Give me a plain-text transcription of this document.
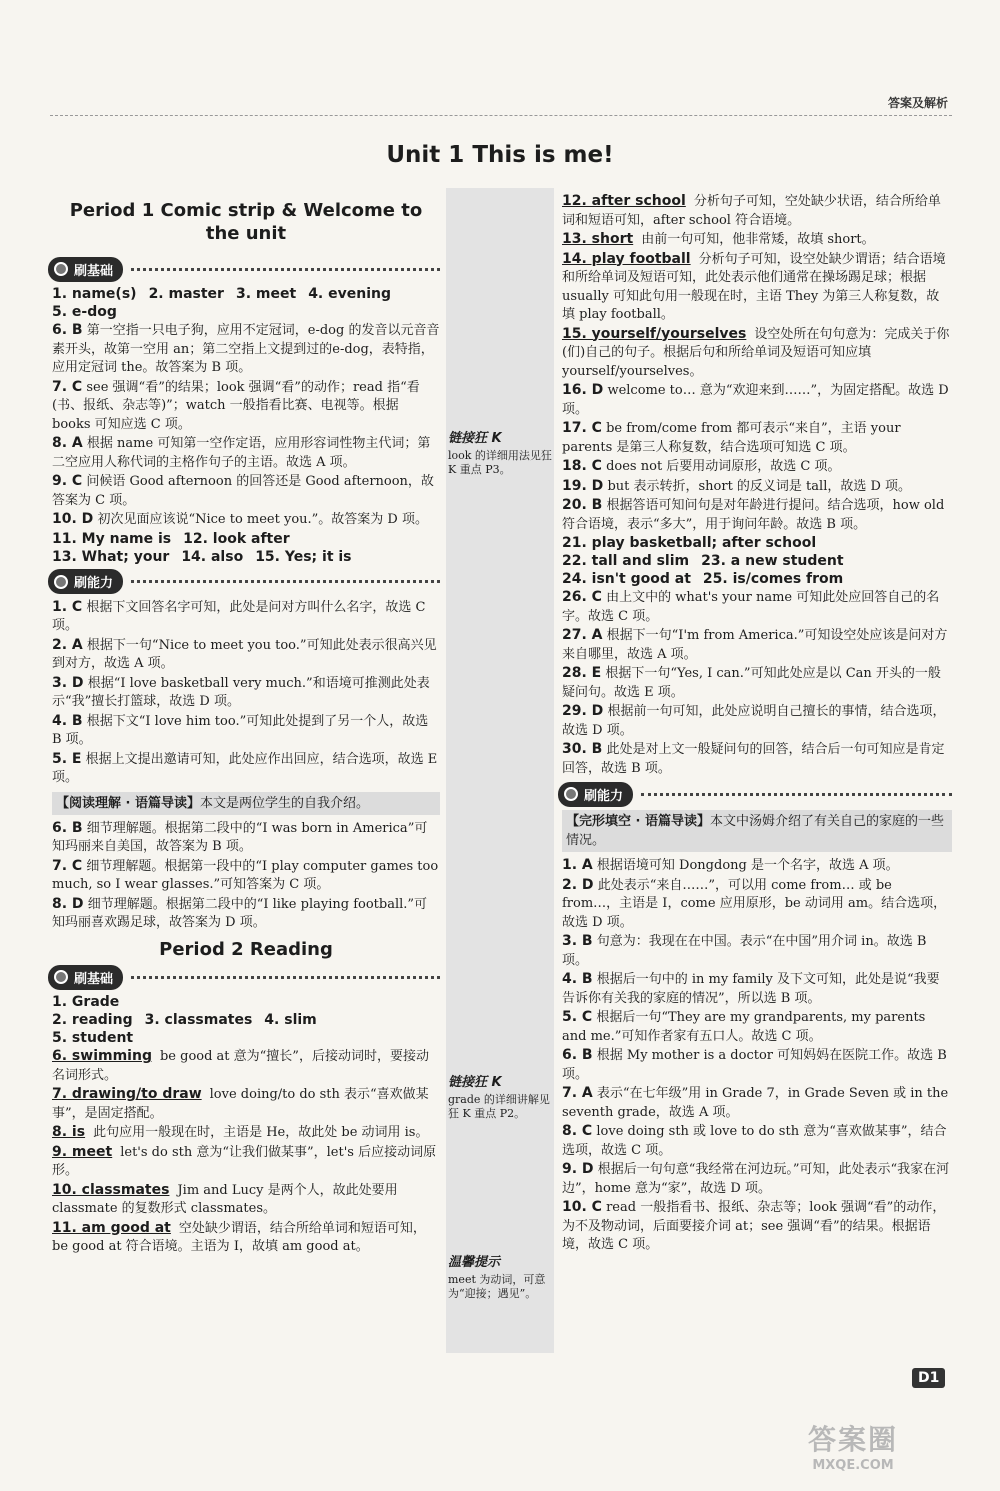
答案及解析
Unit 1 This is me!
链接狂 K
look 的详细用法见狂 K 重点 P3。
链接狂 K
grade 的详细讲解见狂 K 重点 P2。
温馨提示
meet 为动词，可意为“迎接；遇见”。
Period 1 Comic strip & Welcome to the unit
刷基础

1. name(s) 2. master 3. meet 4. evening

5. e-dog

6. B 第一空指一只电子狗，应用不定冠词，e-dog 的发音以元音音素开头，故第一空用 an；第二空指上文提到过的e-dog，表特指，应用定冠词 the。故答案为 B 项。

7. C see 强调“看”的结果；look 强调“看”的动作；read 指“看(书、报纸、杂志等)”；watch 一般指看比赛、电视等。根据 books 可知应选 C 项。

8. A 根据 name 可知第一空作定语，应用形容词性物主代词；第二空应用人称代词的主格作句子的主语。故选 A 项。

9. C 问候语 Good afternoon 的回答还是 Good afternoon，故答案为 C 项。

10. D 初次见面应该说“Nice to meet you.”。故答案为 D 项。

11. My name is 12. look after

13. What; your 14. also 15. Yes; it is

刷能力

1. C 根据下文回答名字可知，此处是问对方叫什么名字，故选 C 项。

2. A 根据下一句“Nice to meet you too.”可知此处表示很高兴见到对方，故选 A 项。

3. D 根据“I love basketball very much.”和语境可推测此处表示“我”擅长打篮球，故选 D 项。

4. B 根据下文“I love him too.”可知此处提到了另一个人，故选 B 项。

5. E 根据上文提出邀请可知，此处应作出回应，结合选项，故选 E 项。

【阅读理解 · 语篇导读】本文是两位学生的自我介绍。

6. B 细节理解题。根据第二段中的“I was born in America”可知玛丽来自美国，故答案为 B 项。

7. C 细节理解题。根据第一段中的“I play computer games too much, so I wear glasses.”可知答案为 C 项。

8. D 细节理解题。根据第二段中的“I like playing football.”可知玛丽喜欢踢足球，故答案为 D 项。

Period 2 Reading
刷基础

1. Grade

2. reading 3. classmates 4. slim

5. student

6. swimming be good at 意为“擅长”，后接动词时，要接动名词形式。

7. drawing/to draw love doing/to do sth 表示“喜欢做某事”，是固定搭配。

8. is 此句应用一般现在时，主语是 He，故此处 be 动词用 is。

9. meet let's do sth 意为“让我们做某事”，let's 后应接动词原形。

10. classmates Jim and Lucy 是两个人，故此处要用 classmate 的复数形式 classmates。

11. am good at 空处缺少谓语，结合所给单词和短语可知，be good at 符合语境。主语为 I，故填 am good at。

12. after school 分析句子可知，空处缺少状语，结合所给单词和短语可知，after school 符合语境。

13. short 由前一句可知，他非常矮，故填 short。

14. play football 分析句子可知，设空处缺少谓语；结合语境和所给单词及短语可知，此处表示他们通常在操场踢足球；根据 usually 可知此句用一般现在时，主语 They 为第三人称复数，故填 play football。

15. yourself/yourselves 设空处所在句句意为：完成关于你(们)自己的句子。根据后句和所给单词及短语可知应填 yourself/yourselves。

16. D welcome to… 意为“欢迎来到……”，为固定搭配。故选 D 项。

17. C be from/come from 都可表示“来自”，主语 your parents 是第三人称复数，结合选项可知选 C 项。

18. C does not 后要用动词原形，故选 C 项。

19. D but 表示转折，short 的反义词是 tall，故选 D 项。

20. B 根据答语可知问句是对年龄进行提问。结合选项，how old 符合语境，表示“多大”，用于询问年龄。故选 B 项。

21. play basketball; after school

22. tall and slim 23. a new student

24. isn't good at 25. is/comes from

26. C 由上文中的 what's your name 可知此处应回答自己的名字。故选 C 项。

27. A 根据下一句“I'm from America.”可知设空处应该是问对方来自哪里，故选 A 项。

28. E 根据下一句“Yes, I can.”可知此处应是以 Can 开头的一般疑问句。故选 E 项。

29. D 根据前一句可知，此处应说明自己擅长的事情，结合选项，故选 D 项。

30. B 此处是对上文一般疑问句的回答，结合后一句可知应是肯定回答，故选 B 项。

刷能力
【完形填空 · 语篇导读】本文中汤姆介绍了有关自己的家庭的一些情况。

1. A 根据语境可知 Dongdong 是一个名字，故选 A 项。

2. D 此处表示“来自……”，可以用 come from… 或 be from…，主语是 I，come 应用原形，be 动词用 am。结合选项，故选 D 项。

3. B 句意为：我现在在中国。表示“在中国”用介词 in。故选 B 项。

4. B 根据后一句中的 in my family 及下文可知，此处是说“我要告诉你有关我的家庭的情况”，所以选 B 项。

5. C 根据后一句“They are my grandparents, my parents and me.”可知作者家有五口人。故选 C 项。

6. B 根据 My mother is a doctor 可知妈妈在医院工作。故选 B 项。

7. A 表示“在七年级”用 in Grade 7，in Grade Seven 或 in the seventh grade，故选 A 项。

8. C love doing sth 或 love to do sth 意为“喜欢做某事”，结合选项，故选 C 项。

9. D 根据后一句句意“我经常在河边玩。”可知，此处表示“我家在河边”，home 意为“家”，故选 D 项。

10. C read 一般指看书、报纸、杂志等；look 强调“看”的动作，为不及物动词，后面要接介词 at；see 强调“看”的结果。根据语境，故选 C 项。

D1
答案圈
MXQE.COM
